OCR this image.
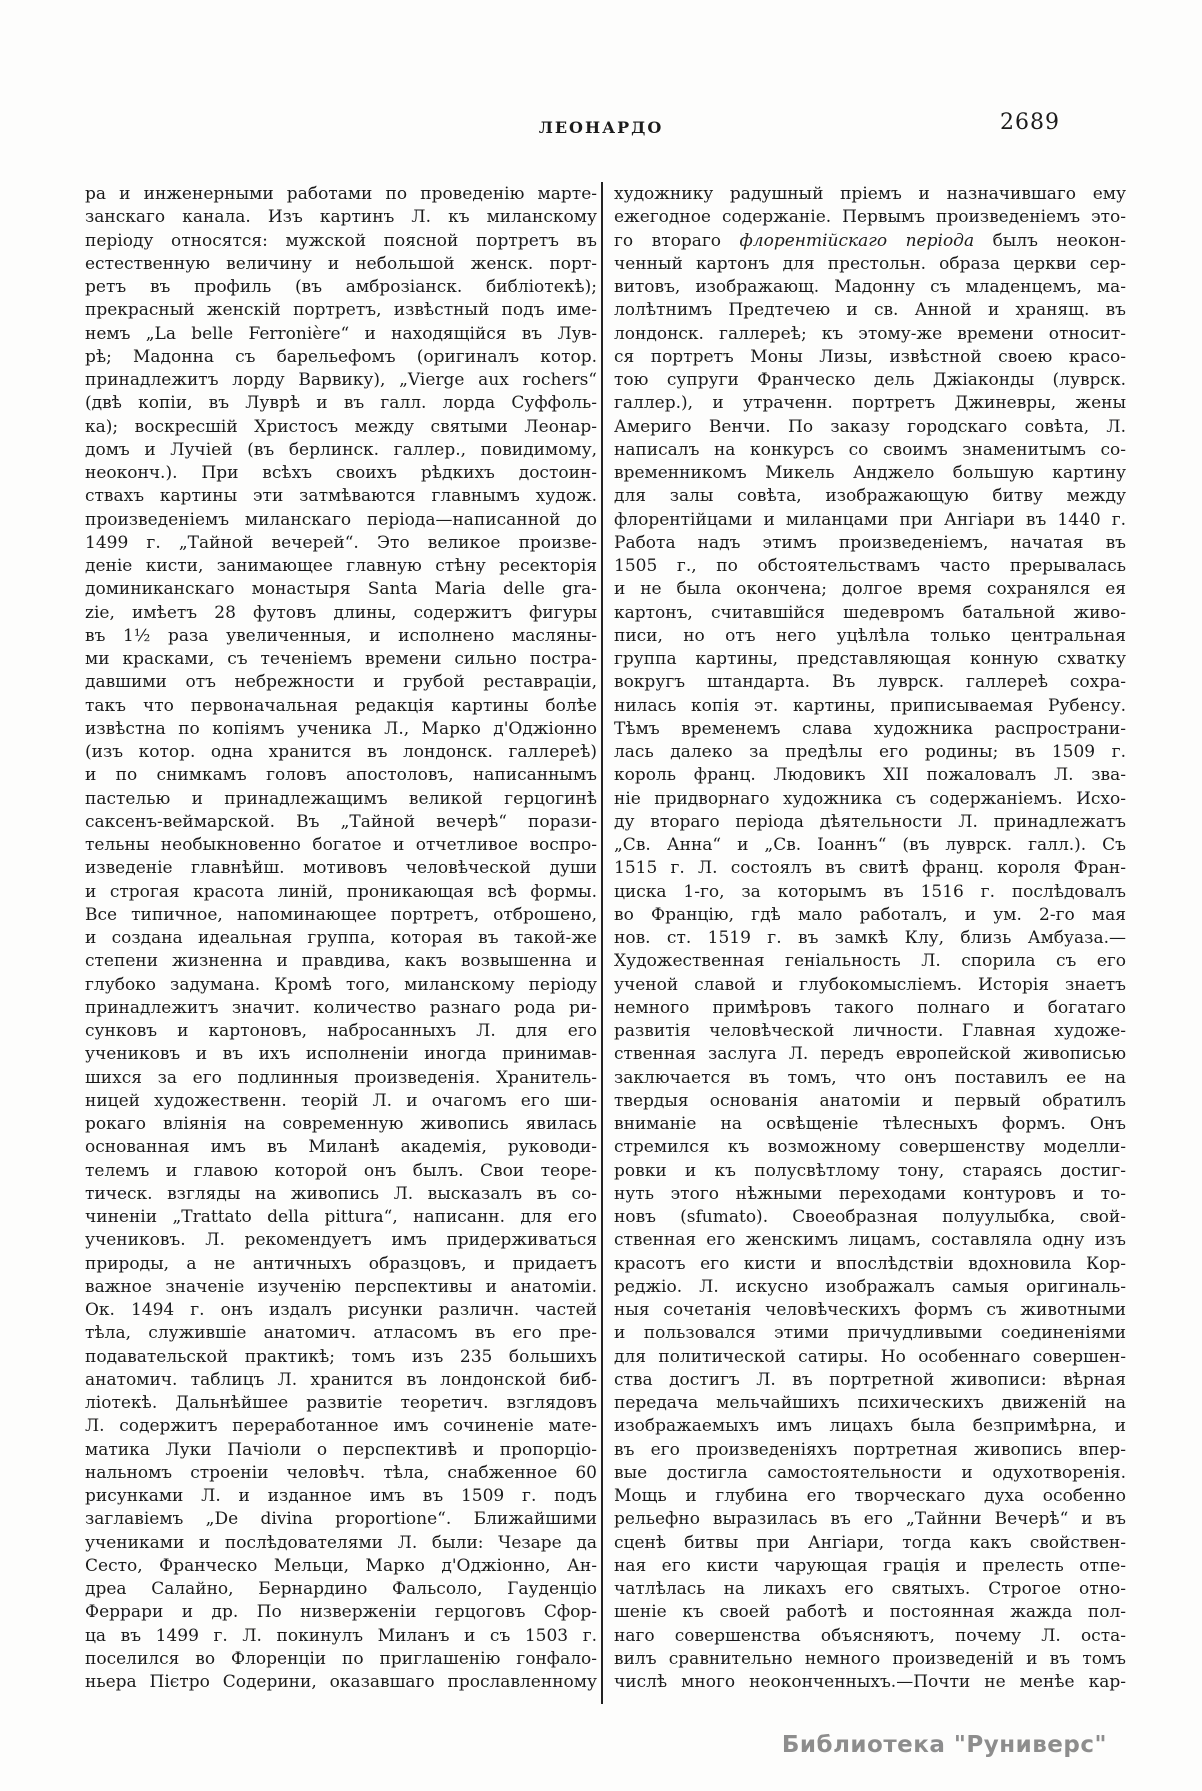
ЛЕОНАРДО	2689
ра и инженерными работами по проведенію марте-
занскаго канала. Изъ картинъ Л. къ миланскому
періоду относятся: мужской поясной портретъ въ
естественную величину и небольшой женск. порт-
ретъ въ профиль (въ амброзіанск. библіотекѣ);
прекрасный женскій портретъ, извѣстный подъ име-
немъ „La belle Ferronière“ и находящійся въ Лув-
рѣ; Мадонна съ барельефомъ (оригиналъ котор.
принадлежитъ лорду Варвику), „Vierge aux rochers“
(двѣ копіи, въ Луврѣ и въ галл. лорда Суффоль-
ка); воскресшій Христосъ между святыми Леонар-
домъ и Лучіей (въ берлинск. галлер., повидимому,
неоконч.). При всѣхъ своихъ рѣдкихъ достоин-
ствахъ картины эти затмѣваются главнымъ худож.
произведеніемъ миланскаго періода—написанной до
1499 г. „Тайной вечерей“. Это великое произве-
деніе кисти, занимающее главную стѣну ресекторія
доминиканскаго монастыря Santa Maria delle gra-
zie, имѣетъ 28 футовъ длины, содержитъ фигуры
въ 1½ раза увеличенныя, и исполнено масляны-
ми красками, съ теченіемъ времени сильно постра-
давшими отъ небрежности и грубой реставраціи,
такъ что первоначальная редакція картины болѣе
извѣстна по копіямъ ученика Л., Марко д'Оджіонно
(изъ котор. одна хранится въ лондонск. галлереѣ)
и по снимкамъ головъ апостоловъ, написаннымъ
пастелью и принадлежащимъ великой герцогинѣ
саксенъ-веймарской. Въ „Тайной вечерѣ“ порази-
тельны необыкновенно богатое и отчетливое воспро-
изведеніе главнѣйш. мотивовъ человѣческой души
и строгая красота линій, проникающая всѣ формы.
Все типичное, напоминающее портретъ, отброшено,
и создана идеальная группа, которая въ такой-же
степени жизненна и правдива, какъ возвышенна и
глубоко задумана. Кромѣ того, миланскому періоду
принадлежитъ значит. количество разнаго рода ри-
сунковъ и картоновъ, набросанныхъ Л. для его
учениковъ и въ ихъ исполненіи иногда принимав-
шихся за его подлинныя произведенія. Хранитель-
ницей художественн. теорій Л. и очагомъ его ши-
рокаго вліянія на современную живопись явилась
основанная имъ въ Миланѣ академія, руководи-
телемъ и главою которой онъ былъ. Свои теоре-
тическ. взгляды на живопись Л. высказалъ въ со-
чиненіи „Trattato della pittura“, написанн. для его
учениковъ. Л. рекомендуетъ имъ придерживаться
природы, а не античныхъ образцовъ, и придаетъ
важное значеніе изученію перспективы и анатоміи.
Ок. 1494 г. онъ издалъ рисунки различн. частей
тѣла, служившіе анатомич. атласомъ въ его пре-
подавательской практикѣ; томъ изъ 235 большихъ
анатомич. таблицъ Л. хранится въ лондонской биб-
ліотекѣ. Дальнѣйшее развитіе теоретич. взглядовъ
Л. содержитъ переработанное имъ сочиненіе мате-
матика Луки Пачіоли о перспективѣ и пропорціо-
нальномъ строеніи человѣч. тѣла, снабженное 60
рисунками Л. и изданное имъ въ 1509 г. подъ
заглавіемъ „De divina proportione“. Ближайшими
учениками и послѣдователями Л. были: Чезаре да
Сесто, Франческо Мельци, Марко д'Оджіонно, Ан-
дреа Салайно, Бернардино Фальсоло, Гауденціо
Феррари и др. По низверженіи герцоговъ Сфор-
ца въ 1499 г. Л. покинулъ Миланъ и съ 1503 г.
поселился во Флоренціи по приглашенію гонфало-
ньера Пієтро Содерини, оказавшаго прославленному
художнику радушный пріемъ и назначившаго ему
ежегодное содержаніе. Первымъ произведеніемъ это-
го втораго флорентійскаго періода былъ неокон-
ченный картонъ для престольн. образа церкви сер-
витовъ, изображающ. Мадонну съ младенцемъ, ма-
лолѣтнимъ Предтечею и св. Анной и хранящ. въ
лондонск. галлереѣ; къ этому-же времени относит-
ся портретъ Моны Лизы, извѣстной своею красо-
тою супруги Франческо дель Джіаконды (луврск.
галлер.), и утраченн. портретъ Джиневры, жены
Америго Венчи. По заказу городскаго совѣта, Л.
написалъ на конкурсъ со своимъ знаменитымъ со-
временникомъ Микель Анджело большую картину
для залы совѣта, изображающую битву между
флорентійцами и миланцами при Ангіари въ 1440 г.
Работа надъ этимъ произведеніемъ, начатая въ
1505 г., по обстоятельствамъ часто прерывалась
и не была окончена; долгое время сохранялся ея
картонъ, считавшійся шедевромъ батальной живо-
писи, но отъ него уцѣлѣла только центральная
группа картины, представляющая конную схватку
вокругъ штандарта. Въ луврск. галлереѣ сохра-
нилась копія эт. картины, приписываемая Рубенсу.
Тѣмъ временемъ слава художника распространи-
лась далеко за предѣлы его родины; въ 1509 г.
король франц. Людовикъ XII пожаловалъ Л. зва-
ніе придворнаго художника съ содержаніемъ. Исхо-
ду втораго періода дѣятельности Л. принадлежатъ
„Св. Анна“ и „Св. Іоаннъ“ (въ луврск. галл.). Съ
1515 г. Л. состоялъ въ свитѣ франц. короля Фран-
циска 1-го, за которымъ въ 1516 г. послѣдовалъ
во Францію, гдѣ мало работалъ, и ум. 2-го мая
нов. ст. 1519 г. въ замкѣ Клу, близь Амбуаза.—
Художественная геніальность Л. спорила съ его
ученой славой и глубокомысліемъ. Исторія знаетъ
немного примѣровъ такого полнаго и богатаго
развитія человѣческой личности. Главная художе-
ственная заслуга Л. передъ европейской живописью
заключается въ томъ, что онъ поставилъ ее на
твердыя основанія анатоміи и первый обратилъ
вниманіе на освѣщеніе тѣлесныхъ формъ. Онъ
стремился къ возможному совершенству моделли-
ровки и къ полусвѣтлому тону, стараясь достиг-
нуть этого нѣжными переходами контуровъ и то-
новъ (sfumato). Своеобразная полуулыбка, свой-
ственная его женскимъ лицамъ, составляла одну изъ
красотъ его кисти и впослѣдствіи вдохновила Кор-
реджіо. Л. искусно изображалъ самыя оригиналь-
ныя сочетанія человѣческихъ формъ съ животными
и пользовался этими причудливыми соединеніями
для политической сатиры. Но особеннаго совершен-
ства достигъ Л. въ портретной живописи: вѣрная
передача мельчайшихъ психическихъ движеній на
изображаемыхъ имъ лицахъ была безпримѣрна, и
въ его произведеніяхъ портретная живопись впер-
вые достигла самостоятельности и одухотворенія.
Мощь и глубина его творческаго духа особенно
рельефно выразилась въ его „Тайнни Вечерѣ“ и въ
сценѣ битвы при Ангіари, тогда какъ свойствен-
ная его кисти чарующая грація и прелесть отпе-
чатлѣлась на ликахъ его святыхъ. Строгое отно-
шеніе къ своей работѣ и постоянная жажда пол-
наго совершенства объясняютъ, почему Л. оста-
вилъ сравнительно немного произведеній и въ томъ
числѣ много неоконченныхъ.—Почти не менѣе кар-
Библиотека "Руниверс"
